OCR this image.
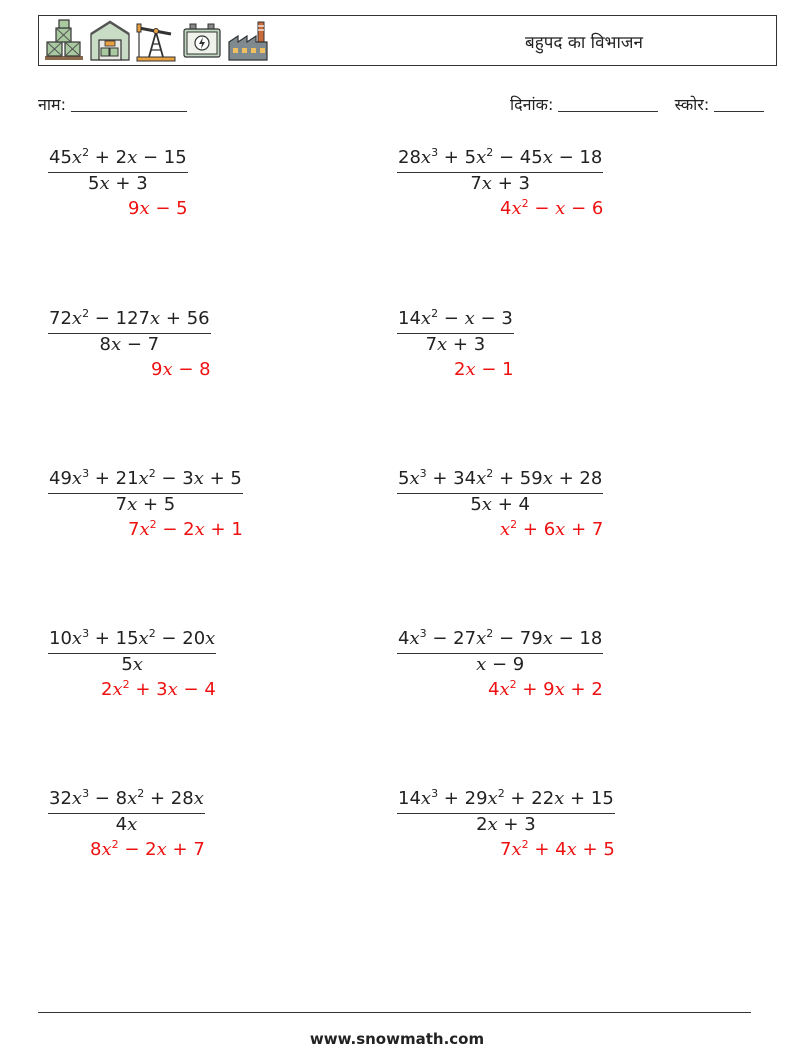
बहुपद का विभाजन
नाम:	दिनांक:	स्कोर:
$\frac{45x^2 + 2x - 15}{5x + 3}$
9x − 5
$\frac{28x^3 + 5x^2 - 45x - 18}{7x + 3}$
$4x^2 - x - 6$
$\frac{72x^2 - 127x + 56}{8x - 7}$
9x − 8
$\frac{14x^2 - x - 3}{7x + 3}$
2x − 1
$\frac{49x^3 + 21x^2 - 3x + 5}{7x + 5}$
$7x^2 - 2x + 1$
$\frac{5x^3 + 34x^2 + 59x + 28}{5x + 4}$
$x^2 + 6x + 7$
$\frac{10x^3 + 15x^2 - 20x}{5x}$
$2x^2 + 3x - 4$
$\frac{4x^3 - 27x^2 - 79x - 18}{x - 9}$
$4x^2 + 9x + 2$
$\frac{32x^3 - 8x^2 + 28x}{4x}$
$8x^2 - 2x + 7$
$\frac{14x^3 + 29x^2 + 22x + 15}{2x + 3}$
$7x^2 + 4x + 5$
www.snowmath.com
